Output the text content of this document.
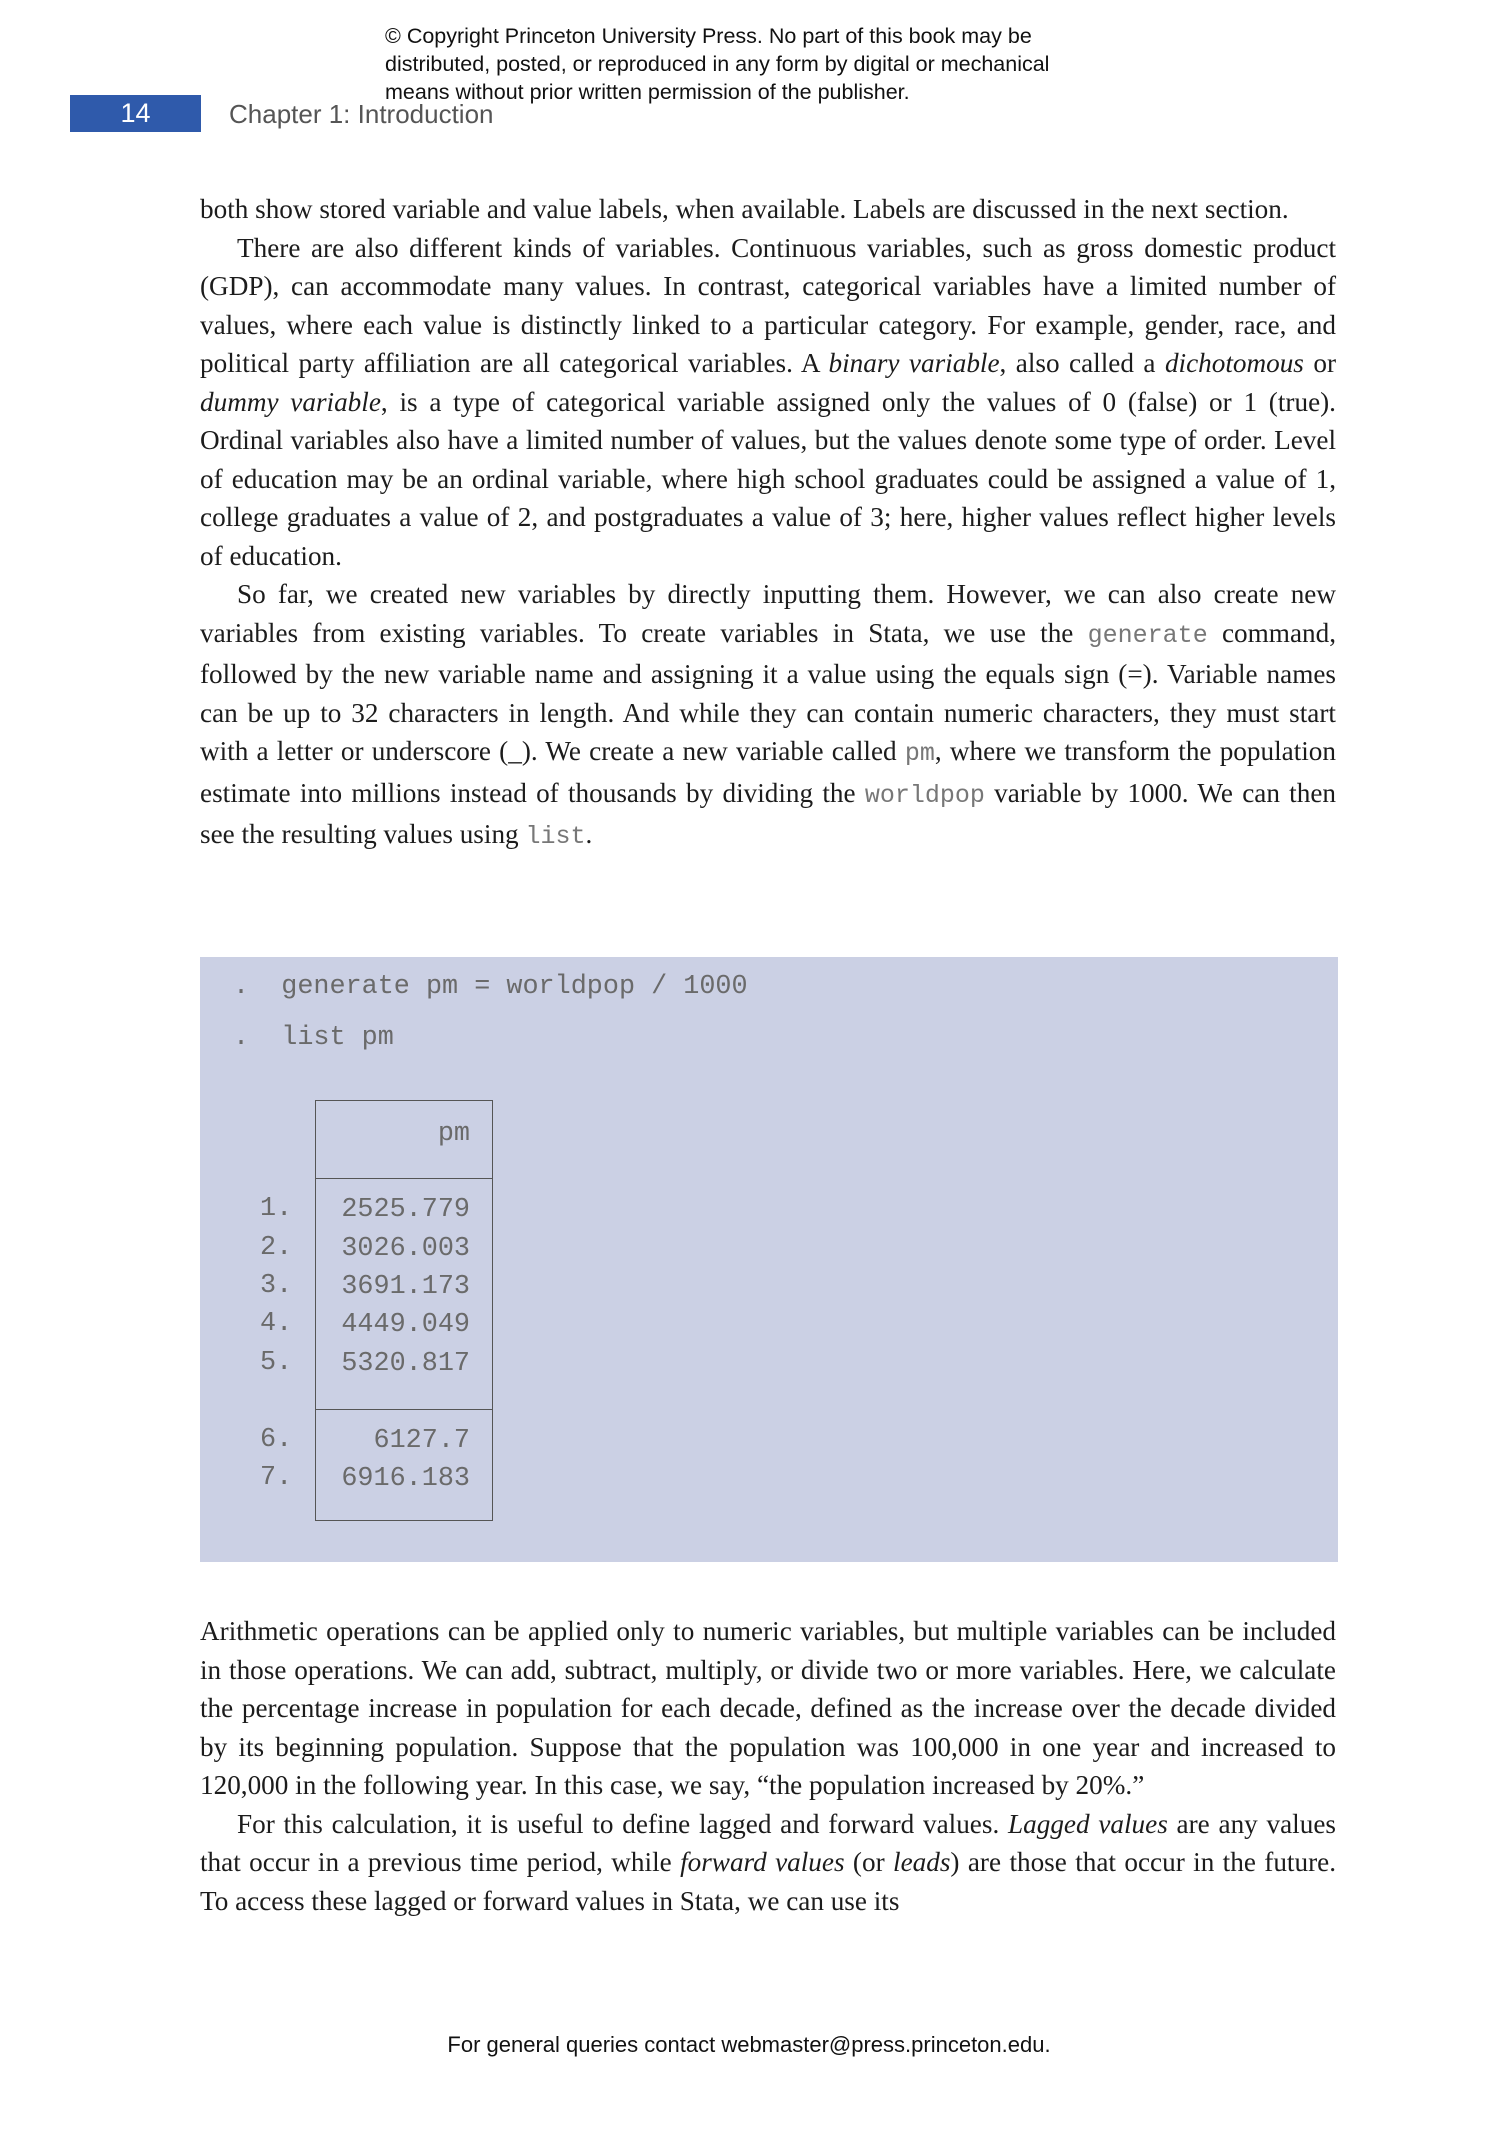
© Copyright Princeton University Press. No part of this book may be
distributed, posted, or reproduced in any form by digital or mechanical
means without prior written permission of the publisher.
14	Chapter 1: Introduction

both show stored variable and value labels, when available. Labels are discussed in the next section.

There are also different kinds of variables. Continuous variables, such as gross domestic product (GDP), can accommodate many values. In contrast, categorical variables have a limited number of values, where each value is distinctly linked to a particular category. For example, gender, race, and political party affiliation are all categorical variables. A binary variable, also called a dichotomous or dummy variable, is a type of categorical variable assigned only the values of 0 (false) or 1 (true). Ordinal variables also have a limited number of values, but the values denote some type of order. Level of education may be an ordinal variable, where high school graduates could be assigned a value of 1, college graduates a value of 2, and postgraduates a value of 3; here, higher values reflect higher levels of education.

So far, we created new variables by directly inputting them. However, we can also create new variables from existing variables. To create variables in Stata, we use the generate command, followed by the new variable name and assigning it a value using the equals sign (=). Variable names can be up to 32 characters in length. And while they can contain numeric characters, they must start with a letter or underscore (_). We create a new variable called pm, where we transform the population estimate into millions instead of thousands by dividing the worldpop variable by 1000. We can then see the resulting values using list.

.  generate pm = worldpop / 1000
.  list pm
pm
2525.779
3026.003
3691.173
4449.049
5320.817
6127.7
6916.183
1.
2.
3.
4.
5.
6.
7.

Arithmetic operations can be applied only to numeric variables, but multiple variables can be included in those operations. We can add, subtract, multiply, or divide two or more variables. Here, we calculate the percentage increase in population for each decade, defined as the increase over the decade divided by its beginning population. Suppose that the population was 100,000 in one year and increased to 120,000 in the following year. In this case, we say, “the population increased by 20%.”

For this calculation, it is useful to define lagged and forward values. Lagged values are any values that occur in a previous time period, while forward values (or leads) are those that occur in the future. To access these lagged or forward values in Stata, we can use its

For general queries contact webmaster@press.princeton.edu.
